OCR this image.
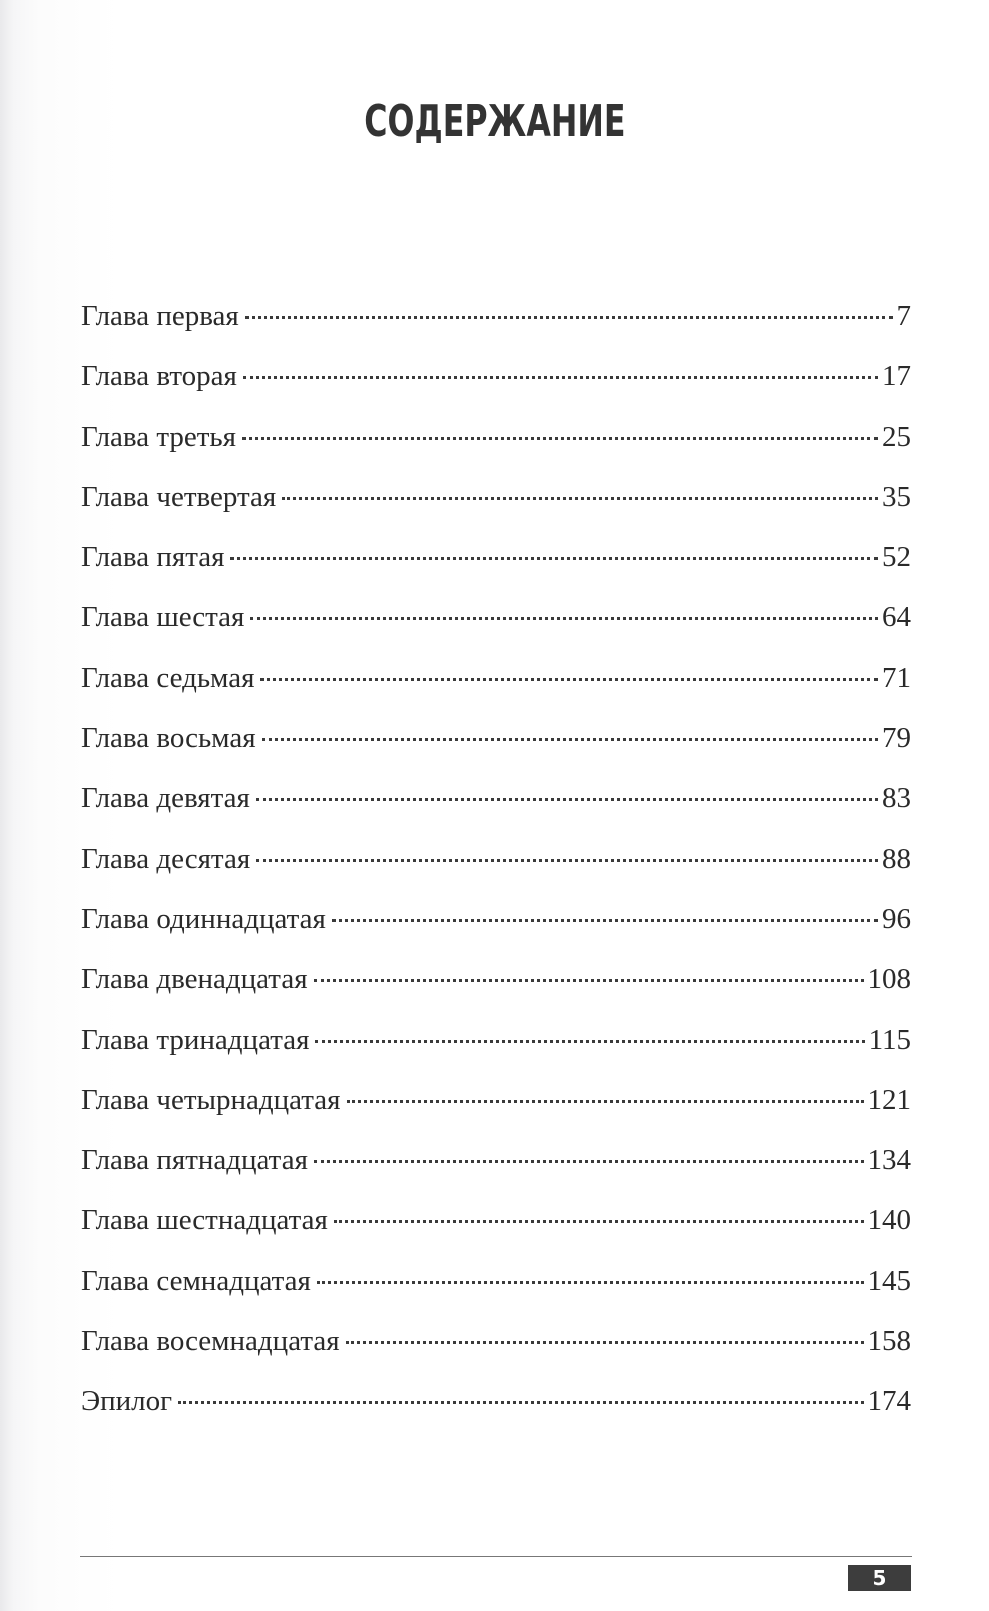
СОДЕРЖАНИЕ
Глава первая	7
Глава вторая	17
Глава третья	25
Глава четвертая	35
Глава пятая	52
Глава шестая	64
Глава седьмая	71
Глава восьмая	79
Глава девятая	83
Глава десятая	88
Глава одиннадцатая	96
Глава двенадцатая	108
Глава тринадцатая	115
Глава четырнадцатая	121
Глава пятнадцатая	134
Глава шестнадцатая	140
Глава семнадцатая	145
Глава восемнадцатая	158
Эпилог	174
5
